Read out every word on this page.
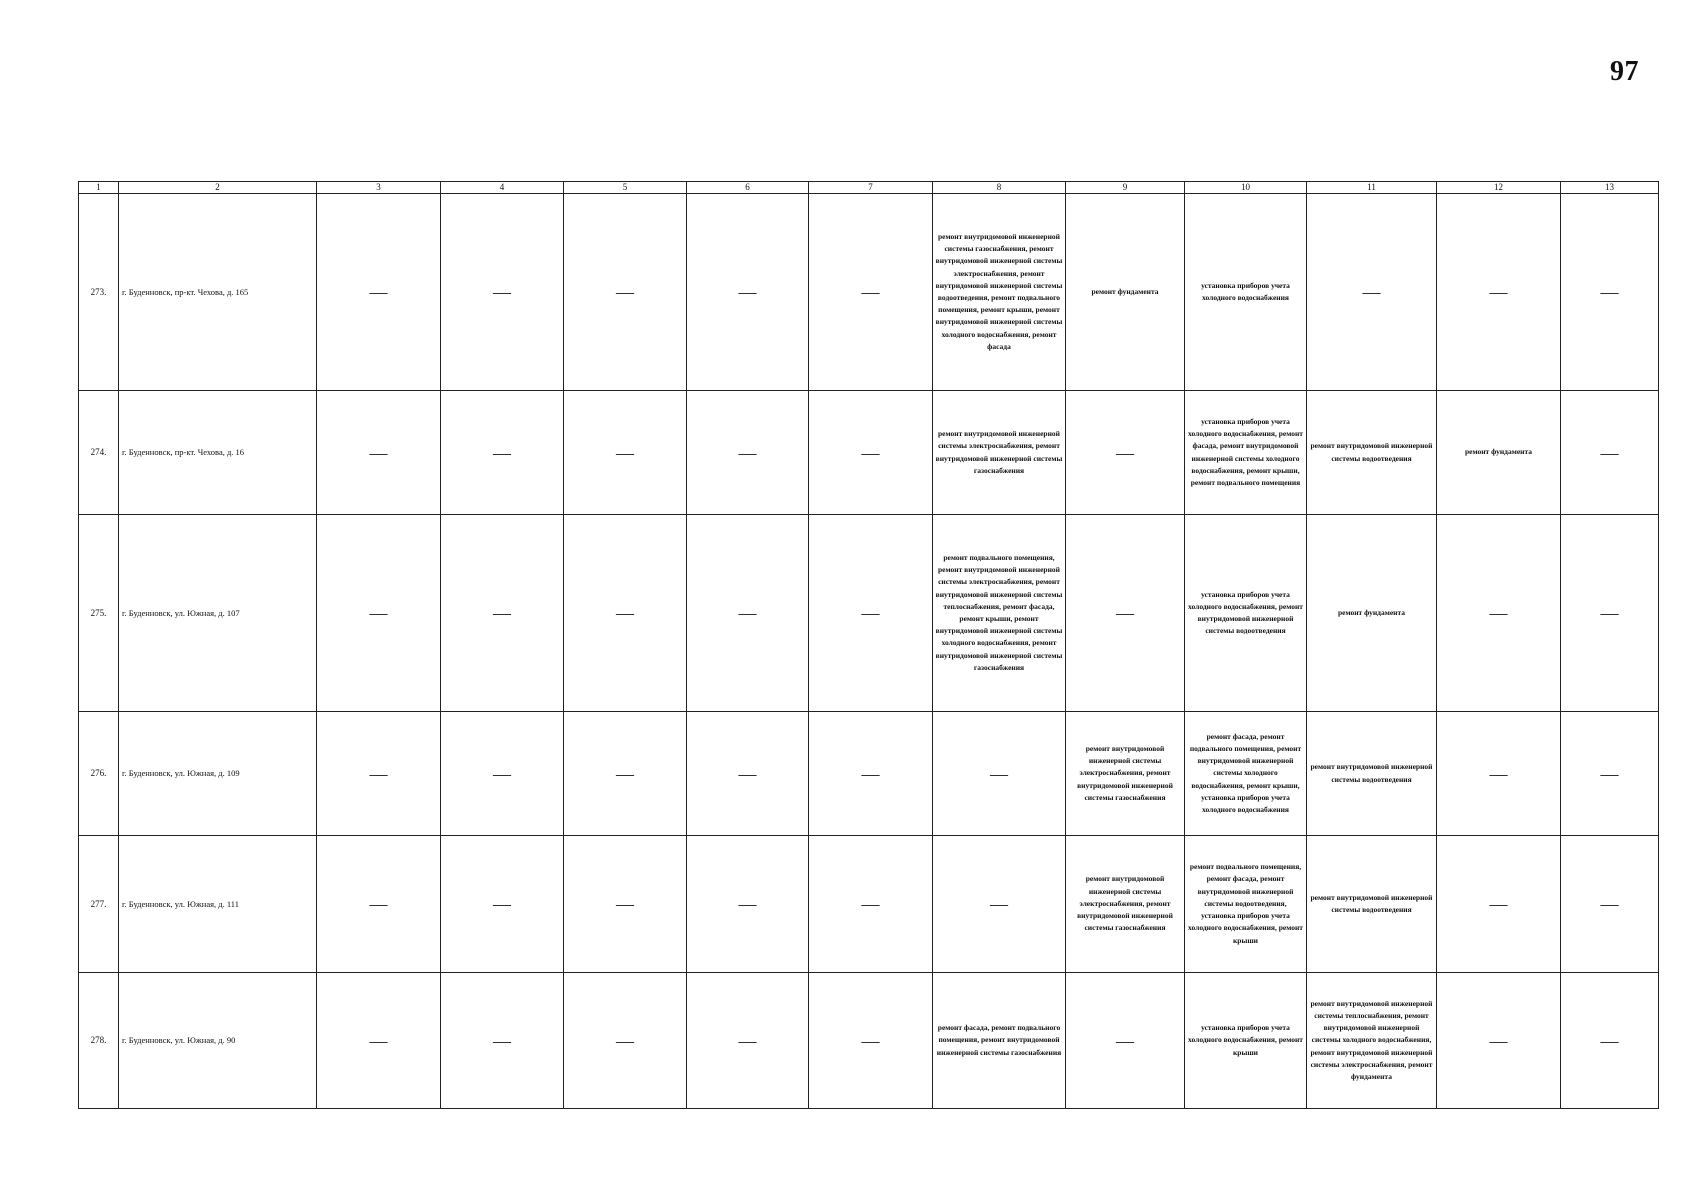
97
1	2	3	4	5	6	7	8	9	10	11	12	13
273.	г. Буденновск, пр-кт. Чехова, д. 165	—	—	—	—	—	ремонт внутридомовой инженерной системы газоснабжения, ремонт внутридомовой инженерной системы электроснабжения, ремонт внутридомовой инженерной системы водоотведения, ремонт подвального помещения, ремонт крыши, ремонт внутридомовой инженерной системы холодного водоснабжения, ремонт фасада	ремонт фундамента	установка приборов учета холодного водоснабжения	—	—	—
274.	г. Буденновск, пр-кт. Чехова, д. 16	—	—	—	—	—	ремонт внутридомовой инженерной системы электроснабжения, ремонт внутридомовой инженерной системы газоснабжения	—	установка приборов учета холодного водоснабжения, ремонт фасада, ремонт внутридомовой инженерной системы холодного водоснабжения, ремонт крыши, ремонт подвального помещения	ремонт внутридомовой инженерной системы водоотведения	ремонт фундамента	—
275.	г. Буденновск, ул. Южная, д. 107	—	—	—	—	—	ремонт подвального помещения, ремонт внутридомовой инженерной системы электроснабжения, ремонт внутридомовой инженерной системы теплоснабжения, ремонт фасада, ремонт крыши, ремонт внутридомовой инженерной системы холодного водоснабжения, ремонт внутридомовой инженерной системы газоснабжения	—	установка приборов учета холодного водоснабжения, ремонт внутридомовой инженерной системы водоотведения	ремонт фундамента	—	—
276.	г. Буденновск, ул. Южная, д. 109	—	—	—	—	—	—	ремонт внутридомовой инженерной системы электроснабжения, ремонт внутридомовой инженерной системы газоснабжения	ремонт фасада, ремонт подвального помещения, ремонт внутридомовой инженерной системы холодного водоснабжения, ремонт крыши, установка приборов учета холодного водоснабжения	ремонт внутридомовой инженерной системы водоотведения	—	—
277.	г. Буденновск, ул. Южная, д. 111	—	—	—	—	—	—	ремонт внутридомовой инженерной системы электроснабжения, ремонт внутридомовой инженерной системы газоснабжения	ремонт подвального помещения, ремонт фасада, ремонт внутридомовой инженерной системы водоотведения, установка приборов учета холодного водоснабжения, ремонт крыши	ремонт внутридомовой инженерной системы водоотведения	—	—
278.	г. Буденновск, ул. Южная, д. 90	—	—	—	—	—	ремонт фасада, ремонт подвального помещения, ремонт внутридомовой инженерной системы газоснабжения	—	установка приборов учета холодного водоснабжения, ремонт крыши	ремонт внутридомовой инженерной системы теплоснабжения, ремонт внутридомовой инженерной системы холодного водоснабжения, ремонт внутридомовой инженерной системы электроснабжения, ремонт фундамента	—	—
